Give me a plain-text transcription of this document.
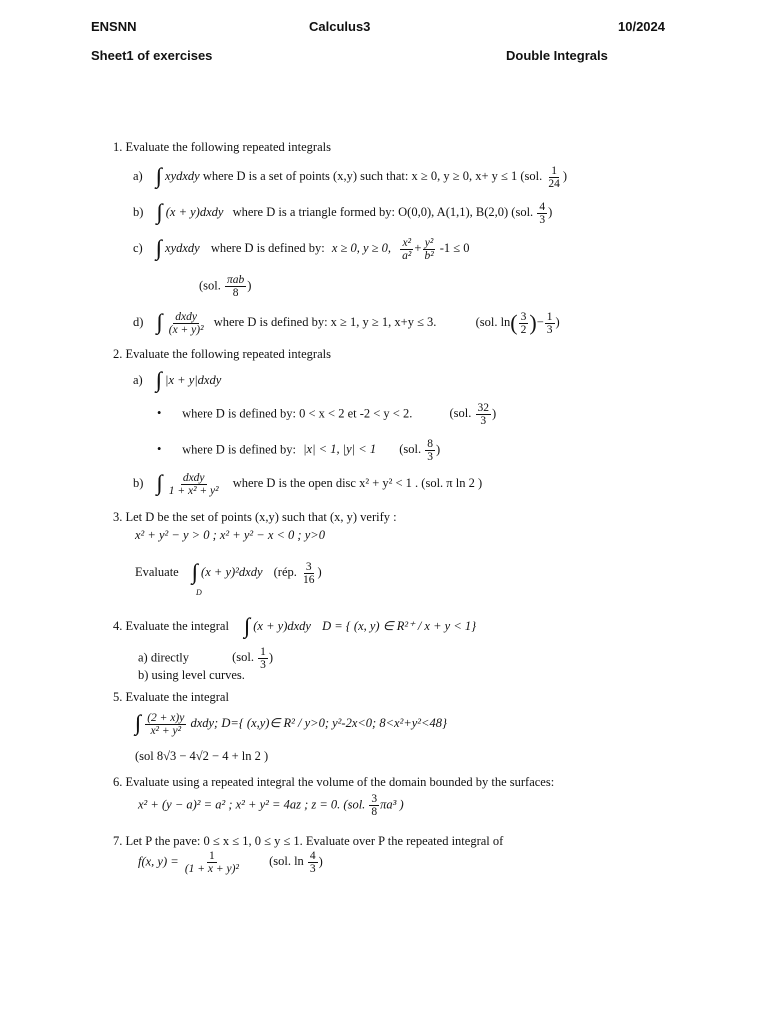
ENSNN	Calculus3	10/2024
Sheet1 of exercises	Double Integrals
1. Evaluate the following repeated integrals
a) ∫∫ xydxdy where D is a set of points (x,y) such that: x ≥ 0, y ≥ 0, x+ y ≤ 1 (sol. $\frac{1}{24}$ )
b) ∫∫ (x + y)dxdy where D is a triangle formed by: O(0,0), A(1,1), B(2,0) (sol. $\frac{4}{3}$ )
c) ∫∫ xydxdy where D is defined by: x ≥ 0, y ≥ 0, $\frac{\text{x²}}{\text{a²}} + \frac{\text{y²}}{\text{b²}} -1 \le 0$
(sol. $\frac{\text{πab}}{8}$ )
d) ∫∫ $\frac{\text{dxdy}}{\text{(x + y)²}}$ where D is defined by: x ≥ 1, y ≥ 1, x+y ≤ 3.	(sol. $\ln( \frac{3}{2}$ )− $\frac{1}{3}$ )
2. Evaluate the following repeated integrals
a) ∫∫ |x + y|dxdy
• where D is defined by: 0 < x < 2 et -2 < y < 2.	(sol. $\frac{32}{3}$ )
• where D is defined by: |x| < 1, |y| < 1 (sol. $\frac{8}{3}$ )
b) ∫∫ $\frac{\text{dxdy}}{\text{1 + x² + y²}}$ where D is the open disc x² + y² < 1 . (sol. π ln 2 )
3. Let D be the set of points (x,y) such that (x, y) verify :
x² + y² − y > 0 ; x² + y² − x < 0 ; y>0
Evaluate ∫∫ (x + y)²dxdy (rép. $\frac{3}{16}$ )
D
4. Evaluate the integral ∫∫ (x + y)dxdy D = { (x, y) ∈ R²⁺ / x + y < 1}
a) directly	(sol. $\frac{1}{3}$ )
b) using level curves.
5. Evaluate the integral
∫∫ $\frac{(2 + x)y}{\text{x² + y²}}$ dxdy; D={ (x,y)∈ R² / y>0; y²-2x<0; 8<x²+y²<48}
(sol 8√3 − 4√2 − 4 + ln 2 )
6. Evaluate using a repeated integral the volume of the domain bounded by the surfaces:
x² + (y − a)² = a² ; x² + y² = 4az ; z = 0. (sol. $\frac{3}{8} \pi a^3$ )
7. Let P the pave: 0 ≤ x ≤ 1, 0 ≤ y ≤ 1. Evaluate over P the repeated integral of
f(x, $y) = \frac{1}{\text{(1 + x + y)²}} (sol$. $\ln \frac{4}{3}$ )
